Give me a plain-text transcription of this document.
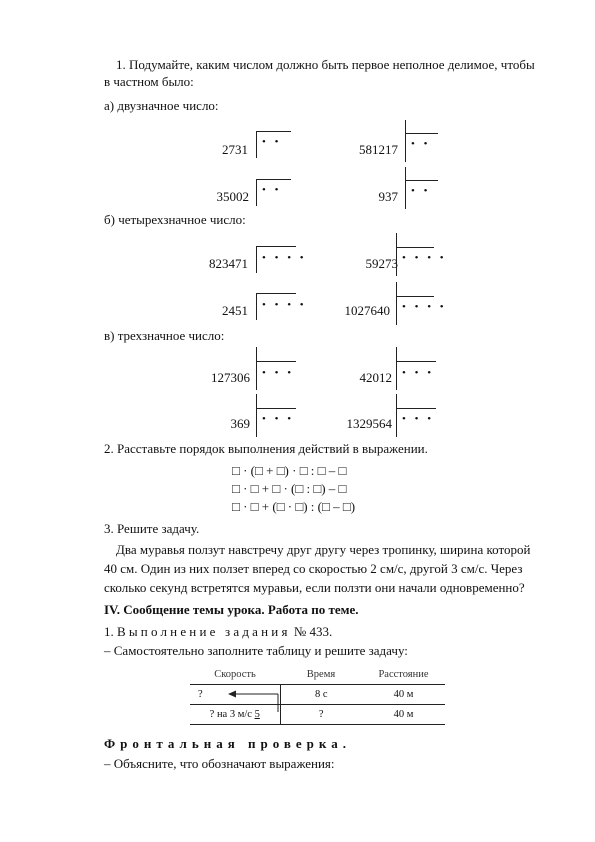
1. Подумайте, каким числом должно быть первое неполное делимое, чтобы
в частном было:
а) двузначное число:
2731 • •	581217 • •
35002 • •	937 • •
б) четырехзначное число:
823471 • • • •	59273 • • • •
2451 • • • •	1027640 • • • •
в) трехзначное число:
127306 • • •	42012 • • •
369 • • •	1329564 • • •
2. Расставьте порядок выполнения действий в выражении.
□ · (□ + □) · □ : □ – □
□ · □ + □ · (□ : □) – □
□ · □ + (□ · □) : (□ – □)
3. Решите задачу.
Два муравья ползут навстречу друг другу через тропинку, ширина которой
40 см. Один из них ползет вперед со скоростью 2 см/с, другой 3 см/с. Через
сколько секунд встретятся муравьи, если ползти они начали одновременно?
IV. Сообщение темы урока. Работа по теме.
1. Выполнение задания № 433.
– Самостоятельно заполните таблицу и решите задачу:
Скорость	Время	Расстояние
?	8 с	40 м
? на 3 м/с 5	?	40 м
Фронтальная проверка.
– Объясните, что обозначают выражения:
